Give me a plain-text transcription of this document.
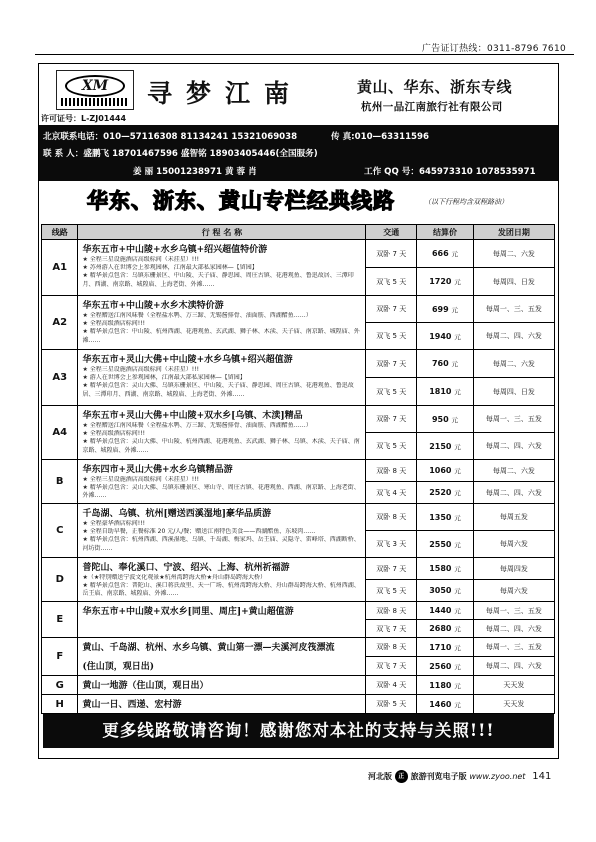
广告证订热线：0311-8796 7610
XM	寻梦江南	黄山、华东、浙东专线
杭州一品江南旅行社有限公司
许可证号：L-ZJ01444
北京联系电话：010—57116308 81134241 15321069038	传 真:010—63311596
联 系 人：盛鹏飞 18701467596 盛智铭 18903405446(全国服务)
姜 丽 15001238971 黄 蓉 肖	工作 QQ 号：645973310 1078535971
华东、浙东、黄山专栏经典线路	（以下行程均含双程路油）
线路	行 程 名 称	交通	结算价	发团日期
A1	华东五市+中山陵+水乡乌镇+绍兴超值特价游
★ 全程三星设施酒店高级标间（未挂星）!!!
★ 苏州游人在世博会上参观园林，江南最大部私家园林—【留园】
★ 精华景点包含：乌镇东栅景区、中山陵、夫子庙、静思园、周庄古镇、花港观鱼、鲁迅故居、三潭印月、西湖、南京路、城隍庙、上海老街、外滩……	双卧 7 天	666 元	每周二、六发
		双飞 5 天	1720 元	每周四、日发
A2	华东五市+中山陵+水乡木渎特价游
★ 全程赠送江南风味餐（全程盐水鸭、万三蹄、无锡酱排骨、油面筋、西湖醋鱼……）
★ 全程高级酒店标间!!!
★ 精华景点包含：中山陵、杭州西湖、花港观鱼、玄武湖、狮子林、木渎、夫子庙、南京路、城隍庙、外滩……	双卧 7 天	699 元	每周一、三、五发
		双飞 5 天	1940 元	每周二、四、六发
A3	华东五市+灵山大佛+中山陵+水乡乌镇+绍兴超值游
★ 全程三星设施酒店高级标间（未挂星）!!!
★ 游人在世博会上参观园林，江南最大部私家园林—【留园】
★ 精华景点包含：灵山大佛、乌镇东栅景区、中山陵、夫子庙、静思园、周庄古镇、花港观鱼、鲁迅故居、三潭印月、西湖、南京路、城隍庙、上海老街、外滩……	双卧 7 天	760 元	每周二、六发
		双飞 5 天	1810 元	每周四、日发
A4	华东五市+灵山大佛+中山陵+双水乡[乌镇、木渎]精品
★ 全程赠送江南风味餐（全程盐水鸭、万三蹄、无锡酱排骨、油面筋、西湖醋鱼……）
★ 全程高级酒店标间!!!
★ 精华景点包含：灵山大佛、中山陵、杭州西湖、花港观鱼、玄武湖、狮子林、乌镇、木渎、夫子庙、南京路、城隍庙、外滩……	双卧 7 天	950 元	每周一、三、五发
		双飞 5 天	2150 元	每周二、四、六发
B	华东四市+灵山大佛+水乡乌镇精品游
★ 全程三星设施酒店高级标间（未挂星）!!!
★ 精华景点包含：灵山大佛、乌镇东栅景区、寒山寺、周庄古镇、花港观鱼、西湖、南京路、上海老街、外滩……	双卧 8 天	1060 元	每周二、六发
		双飞 4 天	2520 元	每周二、四、六发
C	千岛湖、乌镇、杭州[赠送西溪湿地]豪华品质游
★ 全程豪华酒店标间!!!
★ 全程自助早餐，正餐标准 20 元/人/餐；赠送江南特色美食——西湖醋鱼、东坡肉……
★ 精华景点包含：杭州西湖、西溪湿地、乌镇、千岛湖、梅家坞、岳王庙、灵隐寺、雷峰塔、西湖断桥、河坊街……	双卧 8 天	1350 元	每周五发
		双飞 3 天	2550 元	每周六发
D	普陀山、奉化溪口、宁波、绍兴、上海、杭州祈福游
★（★特别赠送宁波文化观景★杭州湾跨海大桥★舟山群岛跨海大桥）
★ 精华景点包含：普陀山、溪口蒋氏故里、天一广场、杭州湾跨海大桥、舟山群岛跨海大桥、杭州西湖、岳王庙、南京路、城隍庙、外滩……	双卧 7 天	1580 元	每周四发
		双飞 5 天	3050 元	每周六发
E	华东五市+中山陵+双水乡[同里、周庄]+黄山超值游	双卧 8 天	1440 元	每周一、三、五发
		双飞 7 天	2680 元	每周二、四、六发
F	黄山、千岛湖、杭州、水乡乌镇、黄山第一漂—夫溪河皮筏漂流
(住山顶，观日出)	双卧 8 天	1710 元	每周一、三、五发
		双飞 7 天	2560 元	每周二、四、六发
G	黄山一地游（住山顶，观日出）	双卧 4 天	1180 元	天天发
H	黄山一日、西递、宏村游	双卧 5 天	1460 元	天天发
更多线路敬请咨询！感谢您对本社的支持与关照!!!
河北版 正 旅游刊览电子版 www.zyoo.net 141
